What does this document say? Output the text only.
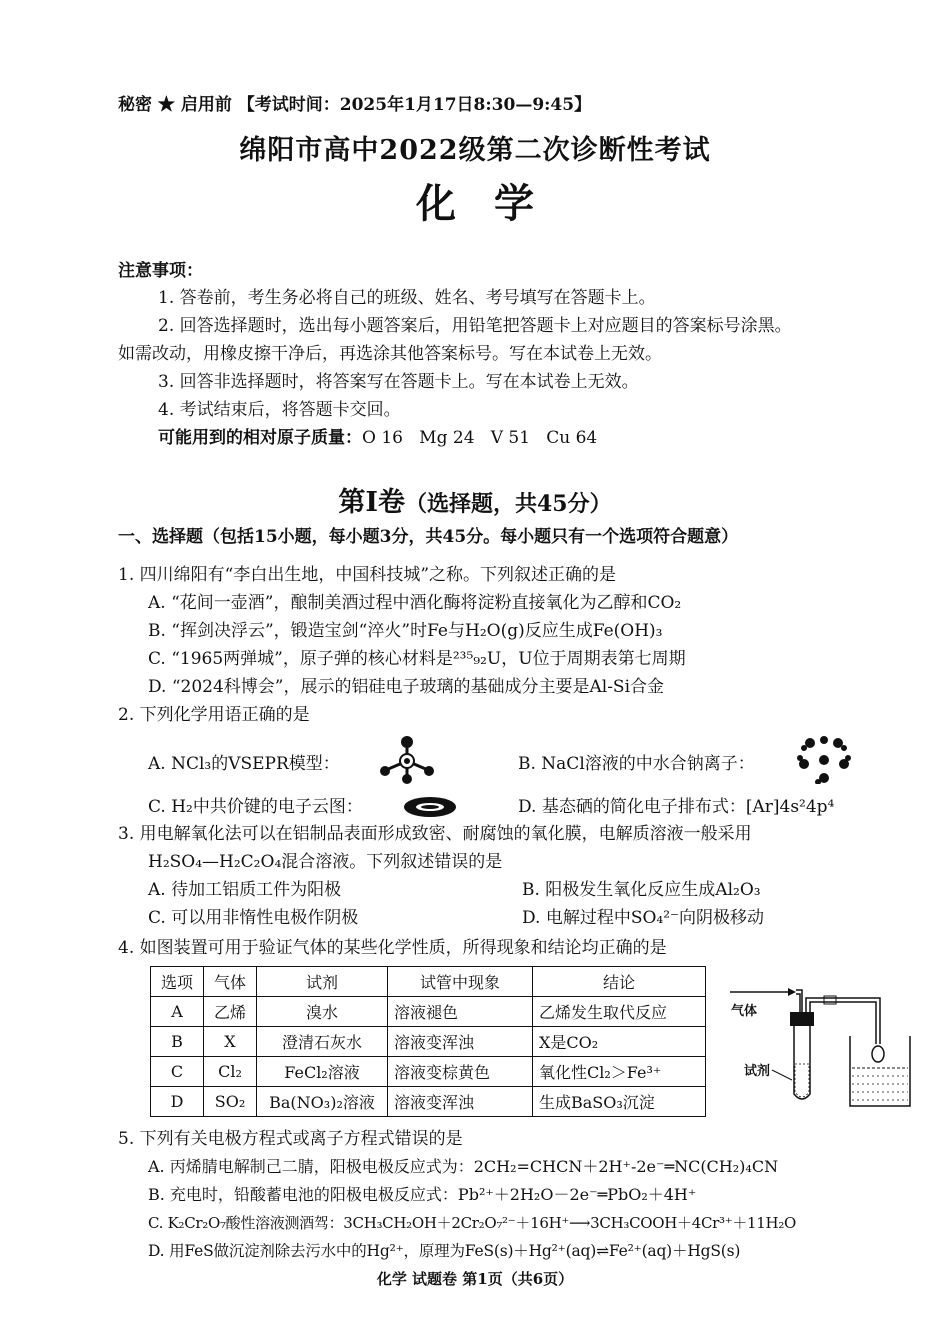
秘密 ★ 启用前 【考试时间：2025年1月17日8:30—9:45】
绵阳市高中2022级第二次诊断性考试
化学
注意事项：
1. 答卷前，考生务必将自己的班级、姓名、考号填写在答题卡上。
2. 回答选择题时，选出每小题答案后，用铅笔把答题卡上对应题目的答案标号涂黑。
如需改动，用橡皮擦干净后，再选涂其他答案标号。写在本试卷上无效。
3. 回答非选择题时，将答案写在答题卡上。写在本试卷上无效。
4. 考试结束后，将答题卡交回。
可能用到的相对原子质量：O 16   Mg 24   V 51   Cu 64
第Ⅰ卷（选择题，共45分）
一、选择题（包括15小题，每小题3分，共45分。每小题只有一个选项符合题意）
1. 四川绵阳有“李白出生地，中国科技城”之称。下列叙述正确的是
A. “花间一壶酒”，酿制美酒过程中酒化酶将淀粉直接氧化为乙醇和CO₂
B. “挥剑决浮云”，锻造宝剑“淬火”时Fe与H₂O(g)反应生成Fe(OH)₃
C. “1965两弹城”，原子弹的核心材料是²³⁵₉₂U，U位于周期表第七周期
D. “2024科博会”，展示的铝硅电子玻璃的基础成分主要是Al-Si合金
2. 下列化学用语正确的是
A. NCl₃的VSEPR模型：	B. NaCl溶液的中水合钠离子：
C. H₂中共价键的电子云图：	D. 基态硒的简化电子排布式：[Ar]4s²4p⁴
3. 用电解氧化法可以在铝制品表面形成致密、耐腐蚀的氧化膜，电解质溶液一般采用
H₂SO₄—H₂C₂O₄混合溶液。下列叙述错误的是
A. 待加工铝质工件为阳极	B. 阳极发生氧化反应生成Al₂O₃
C. 可以用非惰性电极作阴极	D. 电解过程中SO₄²⁻向阴极移动
4. 如图装置可用于验证气体的某些化学性质，所得现象和结论均正确的是
选项	气体	试剂	试管中现象	结论
A	乙烯	溴水	溶液褪色	乙烯发生取代反应
B	X	澄清石灰水	溶液变浑浊	X是CO₂
C	Cl₂	FeCl₂溶液	溶液变棕黄色	氧化性Cl₂＞Fe³⁺
D	SO₂	Ba(NO₃)₂溶液	溶液变浑浊	生成BaSO₃沉淀
气体
试剂
5. 下列有关电极方程式或离子方程式错误的是
A. 丙烯腈电解制己二腈，阳极电极反应式为：2CH₂=CHCN＋2H⁺-2e⁻═NC(CH₂)₄CN
B. 充电时，铅酸蓄电池的阳极电极反应式：Pb²⁺＋2H₂O－2e⁻═PbO₂＋4H⁺
C. K₂Cr₂O₇酸性溶液测酒驾：3CH₃CH₂OH＋2Cr₂O₇²⁻＋16H⁺⟶3CH₃COOH＋4Cr³⁺＋11H₂O
D. 用FeS做沉淀剂除去污水中的Hg²⁺，原理为FeS(s)＋Hg²⁺(aq)⇌Fe²⁺(aq)＋HgS(s)
化学 试题卷 第1页（共6页）
